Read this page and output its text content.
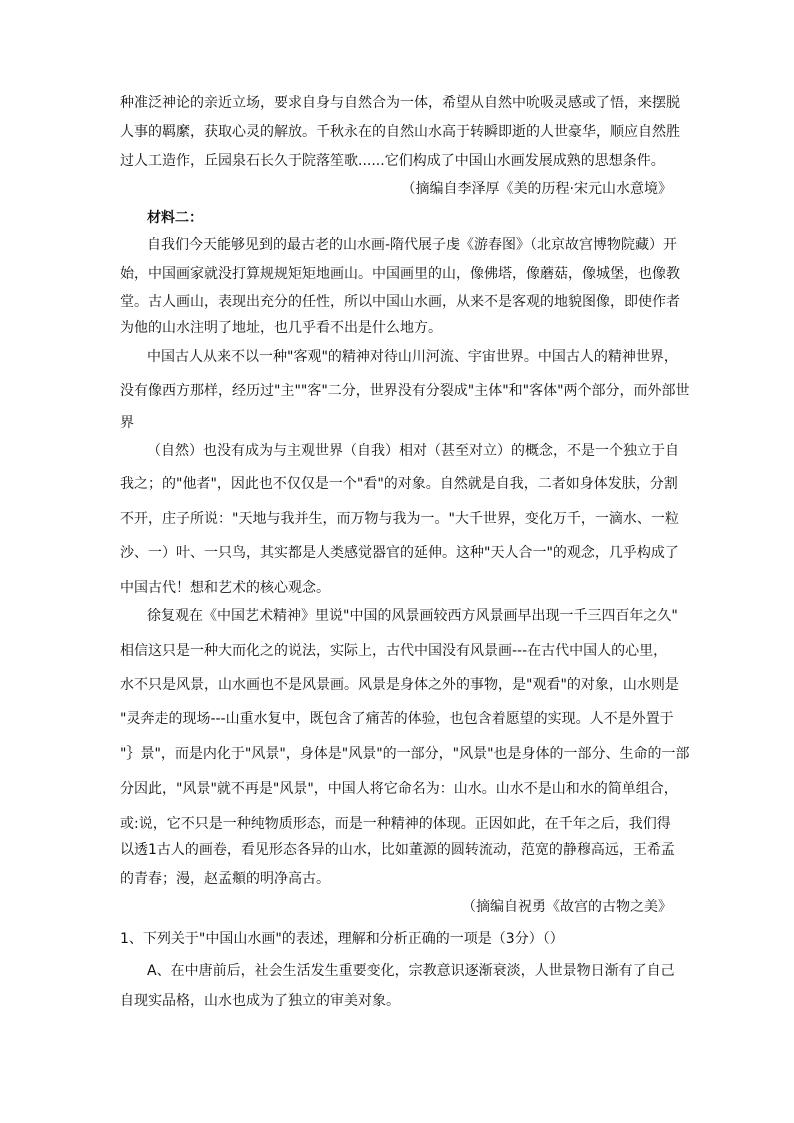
种准泛神论的亲近立场，要求自身与自然合为一体，希望从自然中吮吸灵感或了悟，来摆脱
人事的羁縻，获取心灵的解放。千秋永在的自然山水高于转瞬即逝的人世豪华，顺应自然胜
过人工造作，丘园泉石长久于院落笙歌......它们构成了中国山水画发展成熟的思想条件。
（摘编自李泽厚《美的历程·宋元山水意境》
材料二：
自我们今天能够见到的最古老的山水画-隋代展子虔《游春图》（北京故宫博物院藏）开
始，中国画家就没打算规规矩矩地画山。中国画里的山，像佛塔，像蘑菇，像城堡，也像教
堂。古人画山，表现出充分的任性，所以中国山水画，从来不是客观的地貌图像，即使作者
为他的山水注明了地址，也几乎看不出是什么地方。
中国古人从来不以一种"客观"的精神对待山川河流、宇宙世界。中国古人的精神世界，
没有像西方那样，经历过"主""客"二分，世界没有分裂成"主体"和"客体"两个部分，而外部世
界
（自然）也没有成为与主观世界（自我）相对（甚至对立）的概念，不是一个独立于自
我之；的"他者"，因此也不仅仅是一个"看"的对象。自然就是自我，二者如身体发肤，分割
不开，庄子所说："天地与我并生，而万物与我为一。"大千世界，变化万千，一滴水、一粒
沙、一）叶、一只鸟，其实都是人类感觉器官的延伸。这种"天人合一"的观念，几乎构成了
中国古代！想和艺术的核心观念。
徐复观在《中国艺术精神》里说"中国的风景画较西方风景画早出现一千三四百年之久"
相信这只是一种大而化之的说法，实际上，古代中国没有风景画---在古代中国人的心里，
水不只是风景，山水画也不是风景画。风景是身体之外的事物，是"观看"的对象，山水则是
"灵奔走的现场---山重水复中，既包含了痛苦的体验，也包含着愿望的实现。人不是外置于
"｝景"，而是内化于"风景"，身体是"风景"的一部分，"风景"也是身体的一部分、生命的一部
分因此，"风景"就不再是"风景"，中国人将它命名为：山水。山水不是山和水的简单组合，
或:说，它不只是一种纯物质形态，而是一种精神的体现。正因如此，在千年之后，我们得
以透1古人的画卷，看见形态各异的山水，比如董源的圆转流动，范宽的静穆高远，王希孟
的青春；漫，赵孟頫的明净高古。
（摘编自祝勇《故宫的古物之美》
1、下列关于"中国山水画"的表述，理解和分析正确的一项是（3分）（）
A、在中唐前后，社会生活发生重要变化，宗教意识逐渐衰淡，人世景物日渐有了自己
自现实品格，山水也成为了独立的审美对象。
